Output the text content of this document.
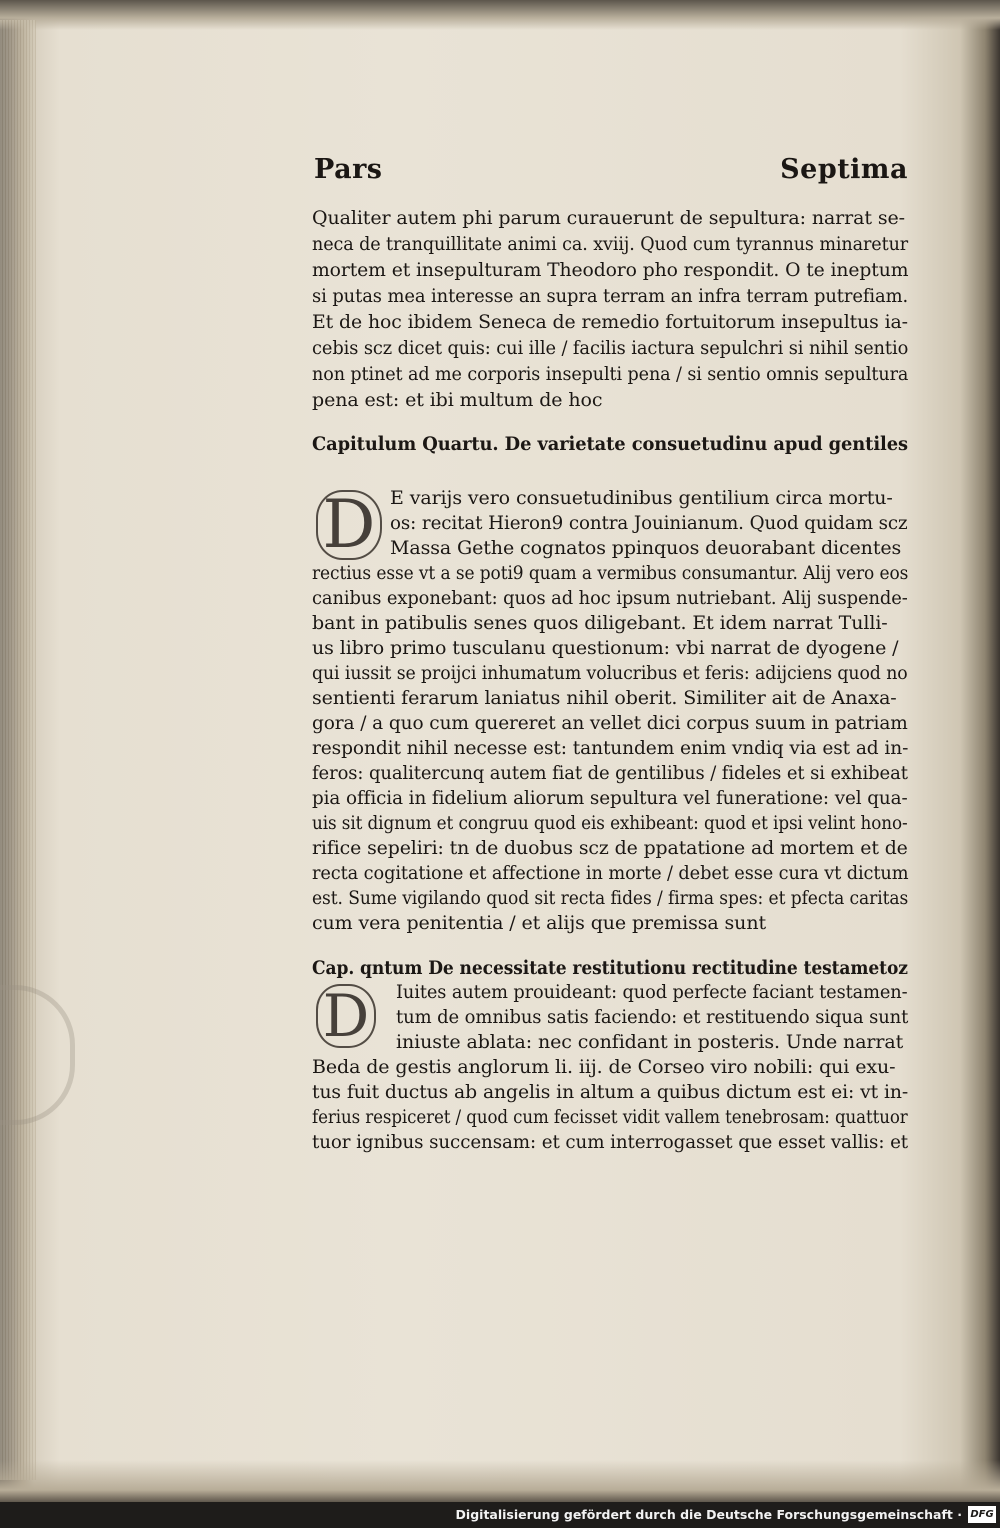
Pars	Septima
Qualiter autem phi parum curauerunt de sepultura: narrat se-
neca de tranquillitate animi ca. xviij. Quod cum tyrannus minaretur
mortem et insepulturam Theodoro pho respondit. O te ineptum
si putas mea interesse an supra terram an infra terram putrefiam.
Et de hoc ibidem Seneca de remedio fortuitorum insepultus ia-
cebis scz dicet quis: cui ille / facilis iactura sepulchri si nihil sentio
non ptinet ad me corporis insepulti pena / si sentio omnis sepultura
pena est: et ibi multum de hoc
Capitulum Quartu. De varietate consuetudinu apud gentiles
D E varijs vero consuetudinibus gentilium circa mortu-
os: recitat Hieron9 contra Jouinianum. Quod quidam scz
Massa Gethe cognatos ppinquos deuorabant dicentes
rectius esse vt a se poti9 quam a vermibus consumantur. Alij vero eos
canibus exponebant: quos ad hoc ipsum nutriebant. Alij suspende-
bant in patibulis senes quos diligebant. Et idem narrat Tulli-
us libro primo tusculanu questionum: vbi narrat de dyogene /
qui iussit se proijci inhumatum volucribus et feris: adijciens quod no
sentienti ferarum laniatus nihil oberit. Similiter ait de Anaxa-
gora / a quo cum quereret an vellet dici corpus suum in patriam
respondit nihil necesse est: tantundem enim vndiq via est ad in-
feros: qualitercunq autem fiat de gentilibus / fideles et si exhibeat
pia officia in fidelium aliorum sepultura vel funeratione: vel qua-
uis sit dignum et congruu quod eis exhibeant: quod et ipsi velint hono-
rifice sepeliri: tn de duobus scz de ppatatione ad mortem et de
recta cogitatione et affectione in morte / debet esse cura vt dictum
est. Sume vigilando quod sit recta fides / firma spes: et pfecta caritas
cum vera penitentia / et alijs que premissa sunt
Cap. qntum De necessitate restitutionu rectitudine testametoz
D	Iuites autem prouideant: quod perfecte faciant testamen-
tum de omnibus satis faciendo: et restituendo siqua sunt
iniuste ablata: nec confidant in posteris. Unde narrat
Beda de gestis anglorum li. iij. de Corseo viro nobili: qui exu-
tus fuit ductus ab angelis in altum a quibus dictum est ei: vt in-
ferius respiceret / quod cum fecisset vidit vallem tenebrosam: quattuor
tuor ignibus succensam: et cum interrogasset que esset vallis: et
Digitalisierung gefördert durch die Deutsche Forschungsgemeinschaft · DFG
